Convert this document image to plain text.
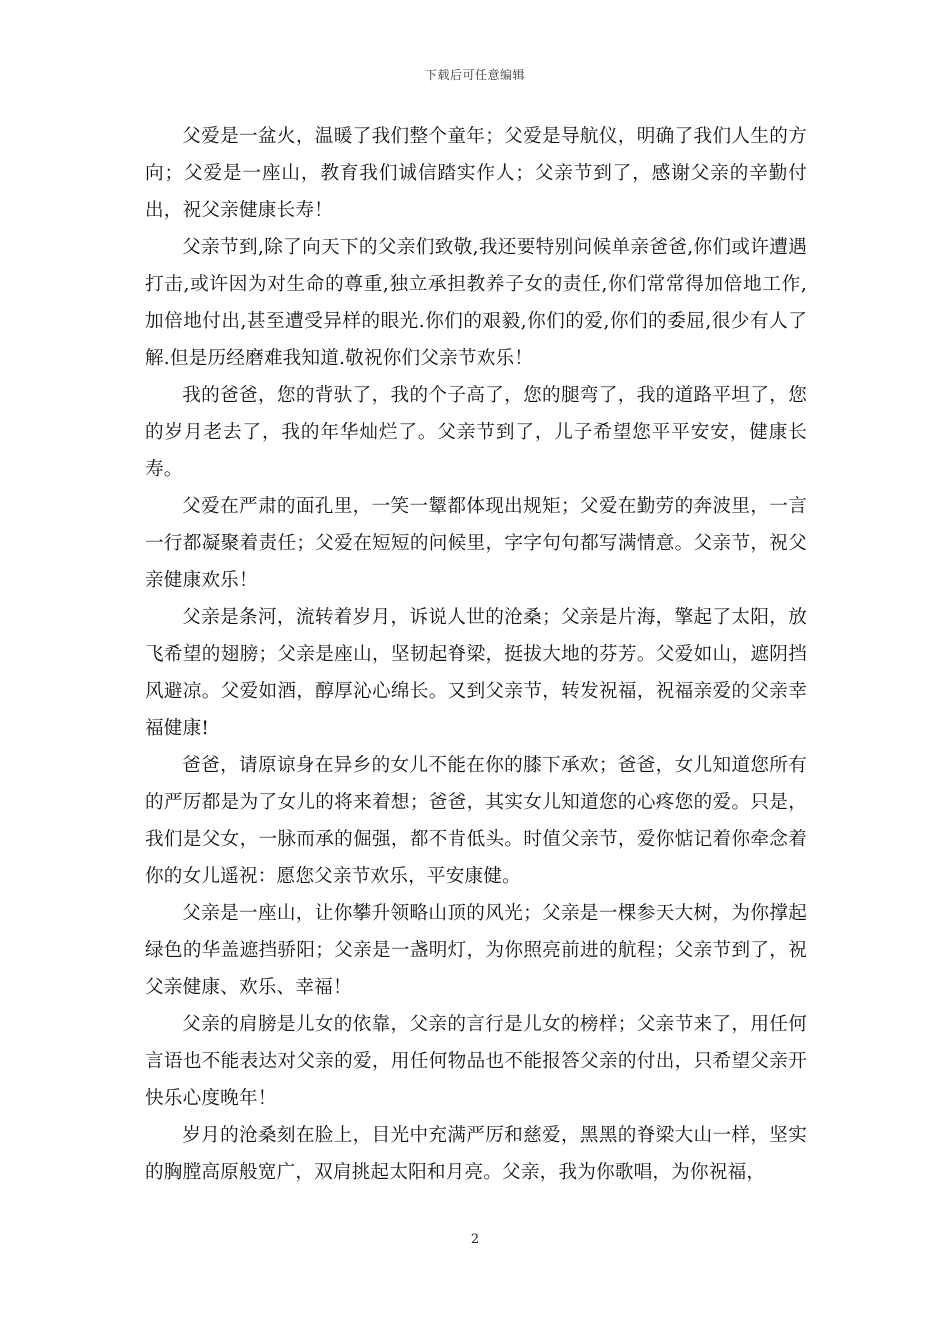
下载后可任意编辑

父爱是一盆火，温暖了我们整个童年；父爱是导航仪，明确了我们人生的方向；父爱是一座山，教育我们诚信踏实作人；父亲节到了，感谢父亲的辛勤付出，祝父亲健康长寿！

父亲节到,除了向天下的父亲们致敬,我还要特别问候单亲爸爸,你们或许遭遇打击,或许因为对生命的尊重,独立承担教养子女的责任,你们常常得加倍地工作,加倍地付出,甚至遭受异样的眼光.你们的艰毅,你们的爱,你们的委屈,很少有人了解.但是历经磨难我知道.敬祝你们父亲节欢乐！

我的爸爸，您的背驮了，我的个子高了，您的腿弯了，我的道路平坦了，您的岁月老去了，我的年华灿烂了。父亲节到了，儿子希望您平平安安，健康长寿。

父爱在严肃的面孔里，一笑一颦都体现出规矩；父爱在勤劳的奔波里，一言一行都凝聚着责任；父爱在短短的问候里，字字句句都写满情意。父亲节，祝父亲健康欢乐！

父亲是条河，流转着岁月，诉说人世的沧桑；父亲是片海，擎起了太阳，放飞希望的翅膀；父亲是座山，坚韧起脊梁，挺拔大地的芬芳。父爱如山，遮阴挡风避凉。父爱如酒，醇厚沁心绵长。又到父亲节，转发祝福，祝福亲爱的父亲幸福健康!

爸爸，请原谅身在异乡的女儿不能在你的膝下承欢；爸爸，女儿知道您所有的严厉都是为了女儿的将来着想；爸爸，其实女儿知道您的心疼您的爱。只是，我们是父女，一脉而承的倔强，都不肯低头。时值父亲节，爱你惦记着你牵念着你的女儿遥祝：愿您父亲节欢乐，平安康健。

父亲是一座山，让你攀升领略山顶的风光；父亲是一棵参天大树，为你撑起绿色的华盖遮挡骄阳；父亲是一盏明灯，为你照亮前进的航程；父亲节到了，祝父亲健康、欢乐、幸福！

父亲的肩膀是儿女的依靠，父亲的言行是儿女的榜样；父亲节来了，用任何言语也不能表达对父亲的爱，用任何物品也不能报答父亲的付出，只希望父亲开快乐心度晚年！

岁月的沧桑刻在脸上，目光中充满严厉和慈爱，黑黑的脊梁大山一样，坚实的胸膛高原般宽广，双肩挑起太阳和月亮。父亲，我为你歌唱，为你祝福，

2
